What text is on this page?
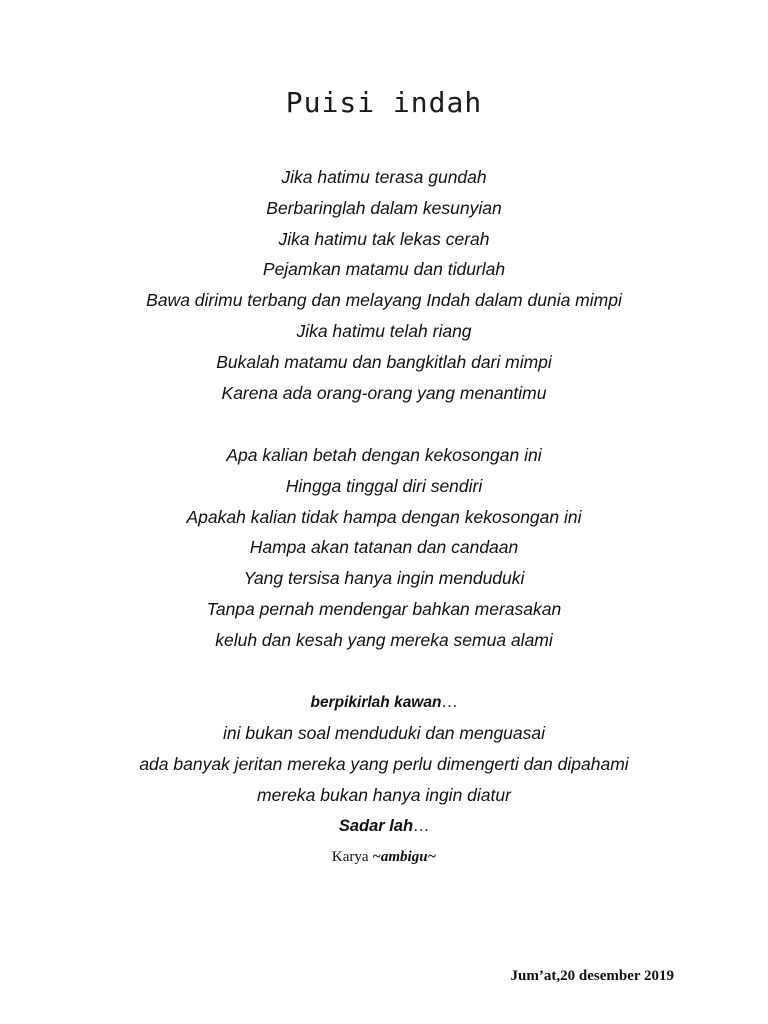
Puisi indah
Jika hatimu terasa gundah
Berbaringlah dalam kesunyian
Jika hatimu tak lekas cerah
Pejamkan matamu dan tidurlah
Bawa dirimu terbang dan melayang Indah dalam dunia mimpi
Jika hatimu telah riang
Bukalah matamu dan bangkitlah dari mimpi
Karena ada orang-orang yang menantimu
Apa kalian betah dengan kekosongan ini
Hingga tinggal diri sendiri
Apakah kalian tidak hampa dengan kekosongan ini
Hampa akan tatanan dan candaan
Yang tersisa hanya ingin menduduki
Tanpa pernah mendengar bahkan merasakan
keluh dan kesah yang mereka semua alami
berpikirlah kawan…
ini bukan soal menduduki dan menguasai
ada banyak jeritan mereka yang perlu dimengerti dan dipahami
mereka bukan hanya ingin diatur
Sadar lah…
Karya ~ambigu~
Jum’at,20 desember 2019
